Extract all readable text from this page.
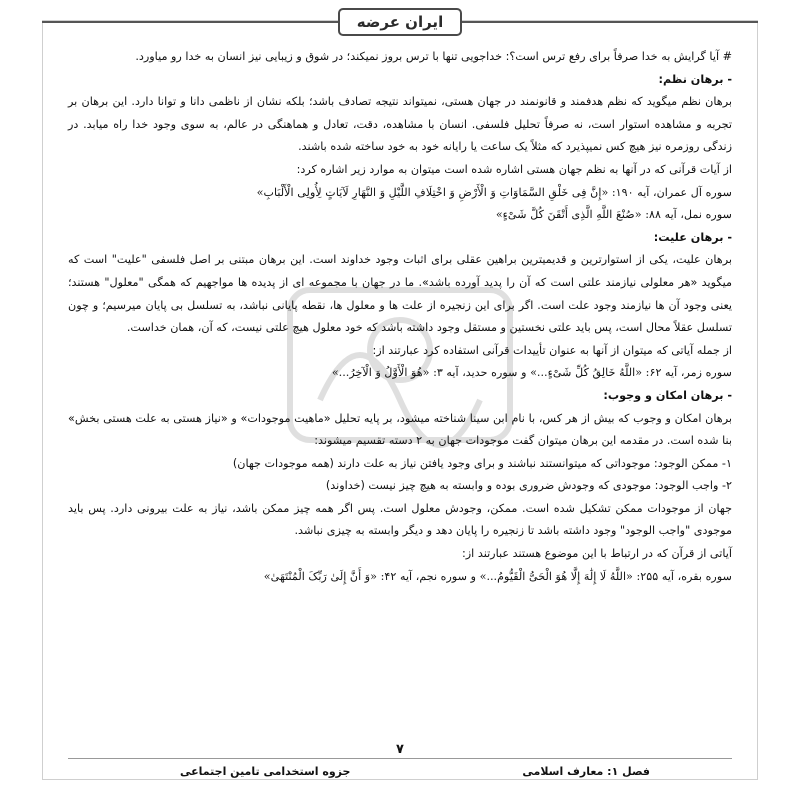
ایران عرضه

# آیا گرایش به خدا صرفاً برای رفع ترس است؟: خداجویی تنها با ترس بروز نمیکند؛ در شوق و زیبایی نیز انسان به خدا رو میاورد.

- برهان نظم:

برهان نظم میگوید که نظم هدفمند و قانونمند در جهان هستی، نمیتواند نتیجه تصادف باشد؛ بلکه نشان از ناظمی دانا و توانا دارد. این برهان بر تجربه و مشاهده استوار است، نه صرفاً تحلیل فلسفی. انسان با مشاهده، دقت، تعادل و هماهنگی در عالم، به سوی وجود خدا راه میابد. در زندگی روزمره نیز هیچ کس نمیپذیرد که مثلاً یک ساعت یا رایانه خود به خود ساخته شده باشند.

از آیات قرآنی که در آنها به نظم جهان هستی اشاره شده است میتوان به موارد زیر اشاره کرد:

سوره آل عمران، آیه ۱۹۰: «إِنَّ فِی خَلْقِ السَّمَاوَاتِ وَ الْأَرْضِ وَ اخْتِلَافِ اللَّیْلِ وَ النَّهَارِ لَآیَاتٍ لِأُولِی الْأَلْبَابِ»

سوره نمل، آیه ۸۸: «صُنْعَ اللَّهِ الَّذِی أَتْقَنَ کُلَّ شَیْءٍ»

- برهان علیت:

برهان علیت، یکی از استوارترین و قدیمیترین براهین عقلی برای اثبات وجود خداوند است. این برهان مبتنی بر اصل فلسفی "علیت" است که میگوید «هر معلولی نیازمند علتی است که آن را پدید آورده باشد». ما در جهان با مجموعه ای از پدیده ها مواجهیم که همگی "معلول" هستند؛ یعنی وجود آن ها نیازمند وجود علت است. اگر برای این زنجیره از علت ها و معلول ها، نقطه پایانی نباشد، به تسلسل بی پایان میرسیم؛ و چون تسلسل عقلاً محال است، پس باید علتی نخستین و مستقل وجود داشته باشد که خود معلول هیچ علتی نیست، که آن، همان خداست.

از جمله آیاتی که میتوان از آنها به عنوان تأییدات قرآنی استفاده کرد عبارتند از:

سوره زمر، آیه ۶۲: «اللَّهُ خَالِقُ کُلِّ شَیْءٍ...» و سوره حدید، آیه ۳: «هُوَ الْأَوَّلُ وَ الْآخِرُ...»

- برهان امکان و وجوب:

برهان امکان و وجوب که بیش از هر کس، با نام ابن سینا شناخته میشود، بر پایه تحلیل «ماهیت موجودات» و «نیاز هستی به علت هستی بخش» بنا شده است. در مقدمه این برهان میتوان گفت موجودات جهان به ۲ دسته تقسیم میشوند:

۱- ممکن الوجود: موجوداتی که میتوانستند نباشند و برای وجود یافتن نیاز به علت دارند (همه موجودات جهان)

۲- واجب الوجود: موجودی که وجودش ضروری بوده و وابسته به هیچ چیز نیست (خداوند)

جهان از موجودات ممکن تشکیل شده است. ممکن، وجودش معلول است. پس اگر همه چیز ممکن باشد، نیاز به علت بیرونی دارد. پس باید موجودی "واجب الوجود" وجود داشته باشد تا زنجیره را پایان دهد و دیگر وابسته به چیزی نباشد.

آیاتی از قرآن که در ارتباط با این موضوع هستند عبارتند از:

سوره بقره، آیه ۲۵۵: «اللَّهُ لَا إِلَٰهَ إِلَّا هُوَ الْحَیُّ الْقَیُّومُ...» و سوره نجم، آیه ۴۲: «وَ أَنَّ إِلَىٰ رَبِّکَ الْمُنْتَهَىٰ»

۷
فصل ۱: معارف اسلامی
جزوه استخدامی تامین اجتماعی
